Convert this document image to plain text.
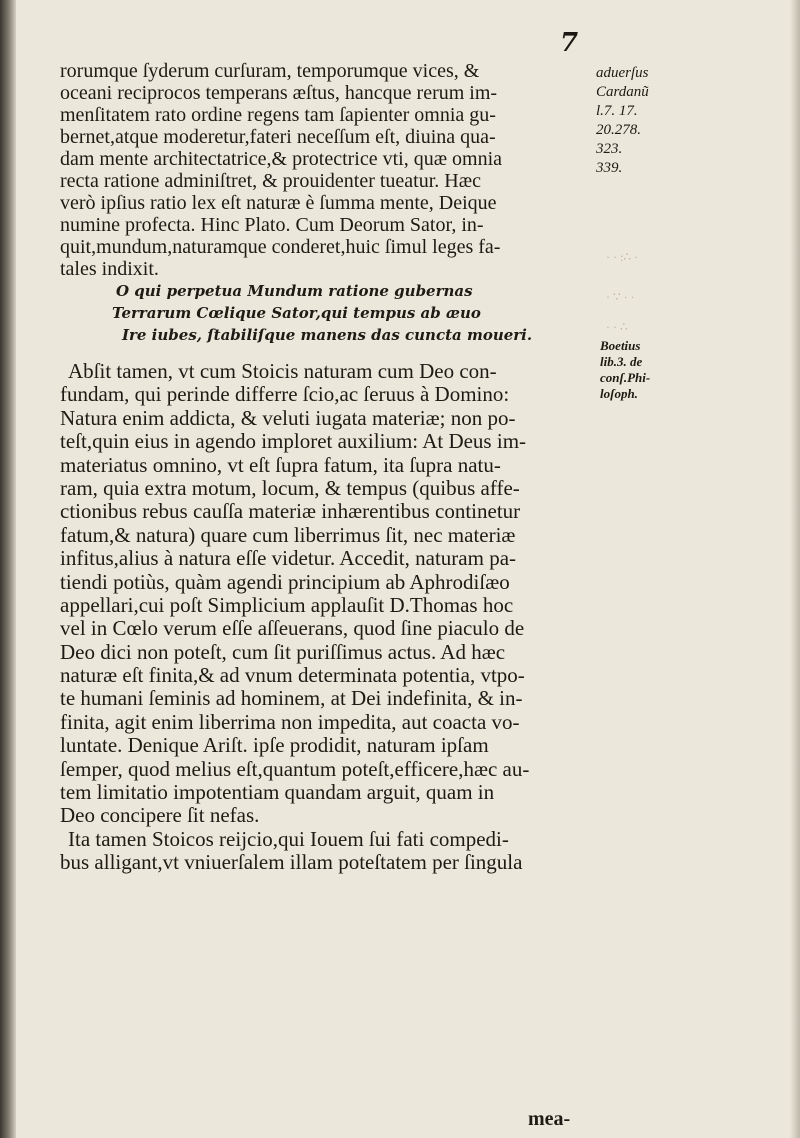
7
rorumque ſyderum curſuram, temporumque vices, &
oceani reciprocos temperans æſtus, hancque rerum im-
menſitatem rato ordine regens tam ſapienter omnia gu-
bernet,atque moderetur,fateri neceſſum eſt, diuina qua-
dam mente architectatrice,& protectrice vti, quæ omnia
recta ratione adminiſtret, & prouidenter tueatur. Hæc
verò ipſius ratio lex eſt naturæ è ſumma mente, Deique
numine profecta. Hinc Plato. Cum Deorum Sator, in-
quit,mundum,naturamque conderet,huic ſimul leges fa-
tales indixit.
O qui perpetua Mundum ratione gubernas
Terrarum Cœlique Sator,qui tempus ab æuo
Ire iubes, ſtabiliſque manens das cuncta moueri.
Abſit tamen, vt cum Stoicis naturam cum Deo con-
fundam, qui perinde differre ſcio,ac ſeruus à Domino:
Natura enim addicta, & veluti iugata materiæ; non po-
teſt,quin eius in agendo imploret auxilium: At Deus im-
materiatus omnino, vt eſt ſupra fatum, ita ſupra natu-
ram, quia extra motum, locum, & tempus (quibus affe-
ctionibus rebus cauſſa materiæ inhærentibus continetur
fatum,& natura) quare cum liberrimus ſit, nec materiæ
infitus,alius à natura eſſe videtur. Accedit, naturam pa-
tiendi potiùs, quàm agendi principium ab Aphrodiſæo
appellari,cui poſt Simplicium applauſit D.Thomas hoc
vel in Cœlo verum eſſe aſſeuerans, quod ſine piaculo de
Deo dici non poteſt, cum ſit puriſſimus actus. Ad hæc
naturæ eſt finita,& ad vnum determinata potentia, vtpo-
te humani ſeminis ad hominem, at Dei indefinita, & in-
finita, agit enim liberrima non impedita, aut coacta vo-
luntate. Denique Ariſt. ipſe prodidit, naturam ipſam
ſemper, quod melius eſt,quantum poteſt,efficere,hæc au-
tem limitatio impotentiam quandam arguit, quam in
Deo concipere ſit nefas.
Ita tamen Stoicos reijcio,qui Iouem ſui fati compedi-
bus alligant,vt vniuerſalem illam poteſtatem per ſingula
mea-
aduerſus
Cardanũ
l.7. 17.
20.278.
323.
339.
Boetius
lib.3. de
conſ.Phi-
loſoph.
· · :∴ ·
· ∵ · ·
· · ∴
